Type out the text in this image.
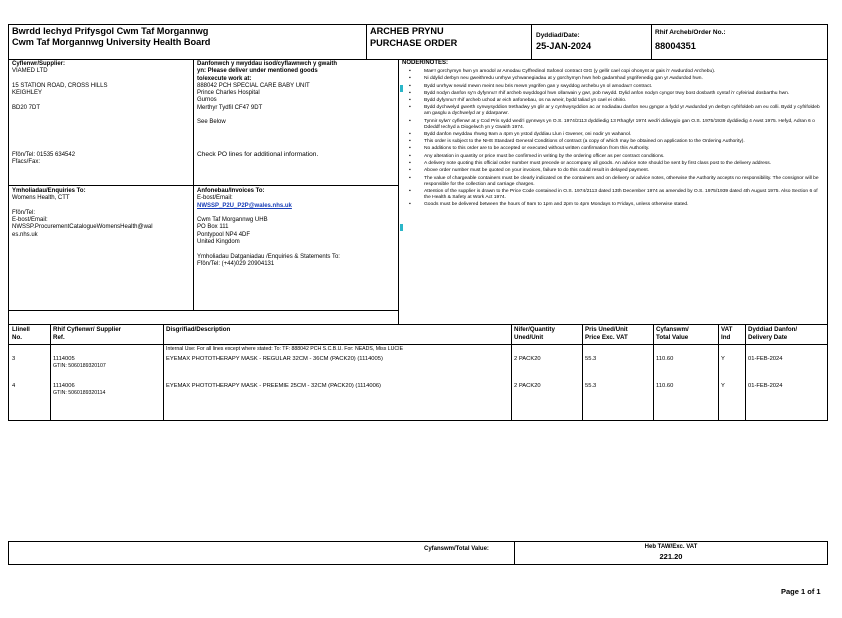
Bwrdd Iechyd Prifysgol Cwm Taf Morgannwg
Cwm Taf Morgannwg University Health Board
ARCHEB PRYNU
PURCHASE ORDER
Dyddiad/Date:
25-JAN-2024
Rhif Archeb/Order No.:
88004351
Cyflenwr/Supplier:
VIAMED LTD

15 STATION ROAD, CROSS HILLS
KEIGHLEY

BD20 7DT
Ffôn/Tel: 01535 634542
Ffacs/Fax:
Danfonwch y nwyddau isod/cyflawnwch y gwaith
yn: Please deliver under mentioned goods
to/execute work at:
888042 PCH SPECIAL CARE BABY UNIT
Prince Charles Hospital
Gurnos
Merthyr Tydfil CF47 9DT

See Below
Check PO lines for additional information.
Ymholiadau/Enquiries To:
Womens Health, CTT

Ffôn/Tel:
E-bost/Email:
NWSSP.ProcurementCatalogueWomensHealth@wal
es.nhs.uk
Anfonebau/Invoices To:
E-bost/Email:
NWSSP_P2U_P2P@wales.nhs.uk

Cwm Taf Morgannwg UHB
PO Box 111
Pontypool NP4 4DF
United Kingdom

Ymholiadau Datganiadau /Enquiries & Statements To:
Ffôn/Tel: (+44)029 20904131
NODER/NOTES:
▪ Mae'r gorchymyn hwn yn amodol ar Amodau Cyffredinol Safonol contract GIG (y gellir cael copi ohonynt ar gais i'r Awdurdod Archebu).
▪ Ni ddylid derbyn neu gweithredu unrhyw ychwanegiadau at y gorchymyn hwn heb gadarnhad ysgrifenedig gan yr Awdurdod hwn.
▪ Bydd unrhyw newid mewn meint neu bris mewn ysgrifen gan y swyddog archebu yn ol amodau'r contract.
▪ Bydd nodyn danfon sy'n dyfynnu'r rhif archeb swyddogol hwn ollarwain y gwr, pob nwydd. Dylid anfon nodyn cyngor trwy bost dosbarth cyntaf i'r cyfeiriad dosbarthu hwn.
▪ Bydd dyfynnu'r rhif archeb uchod ar eich anfonebau, os na wneir, bydd taliad yn cael ei ohirio.
▪ Bydd dychwelyd gwerth cynwysyddion trethadwy yn glir ar y cynhwysyddion ac ar nodiadau danfon neu gyngor a fydd yr Awdurdod yn derbyn cyfrifoldeb am eu colli. Bydd y cyfrifoldeb am gasglu a dychwelyd ar y ddarparwr.
▪ Tynnir sylw'r cyflenwr at y Cod Pris sydd wedi'i gynnwys yn O.S. 1974/2113 dyddiedig 13 Rhagfyr 1974 wedi'i ddiwygio gan O.S. 1975/1939 dyddiedig 4 Awst 1975. Hefyd, Adran 6 o Ddeddf Iechyd a Diogelwch yn y Gwaith 1974.
▪ Bydd danfon nwyddau rhwng 9am a 4pm yn ystod dyddiau Llun i Gwener, oni nodir yn wahanol.
▪ This order is subject to the NHS Standard General Conditions of contract (a copy of which may be obtained on application to the Ordering Authority).
▪ No additions to this order are to be accepted or executed without written confirmation from this Authority.
▪ Any alteration in quantity or price must be confirmed in writing by the ordering officer as per contract conditions.
▪ A delivery note quoting this official order number must precede or accompany all goods. An advice note should be sent by first class post to the delivery address.
▪ Above order number must be quoted on your invoices, failure to do this could result in delayed payment.
▪ The value of chargeable containers must be clearly indicated on the containers and on delivery or advice notes, otherwise the Authority accepts no responsibility. The consignor will be responsible for the collection and carriage charges.
▪ Attention of the supplier is drawn to the Price Code contained in O.S. 1974/2113 dated 13th December 1974 as amended by O.S. 1975/1939 dated 4th August 1975. Also Section 6 of the Health & Safety at Work Act 1974.
▪ Goods must be delivered between the hours of 9am to 1pm and 2pm to 4pm Mondays to Fridays, unless otherwise stated.
Llinell
No.
Rhif Cyflenwr/ Supplier
Ref.
Disgrifiad/Description	Nifer/Quantity
Uned/Unit
Pris Uned/Unit
Price Exc. VAT
Cyfanswm/
Total Value
VAT
Ind
Dyddiad Danfon/
Delivery Date
Internal Use: For all lines except where stated: To: TF: 888042 PCH S.C.B.U. For: NEADS, Miss LUCIE
3	1114005	EYEMAX PHOTOTHERAPY MASK - REGULAR 32CM - 36CM (PACK20) (1114005)	2 PACK20	55.3	110.60	Y	01-FEB-2024
GTIN: 5060189320107
4	1114006	EYEMAX PHOTOTHERAPY MASK - PREEMIE 25CM - 32CM (PACK20) (1114006)	2 PACK20	55.3	110.60	Y	01-FEB-2024
GTIN: 5060189320114
Cyfanswm/Total Value:	Heb TAW/Exc. VAT
221.20
Page 1 of 1
